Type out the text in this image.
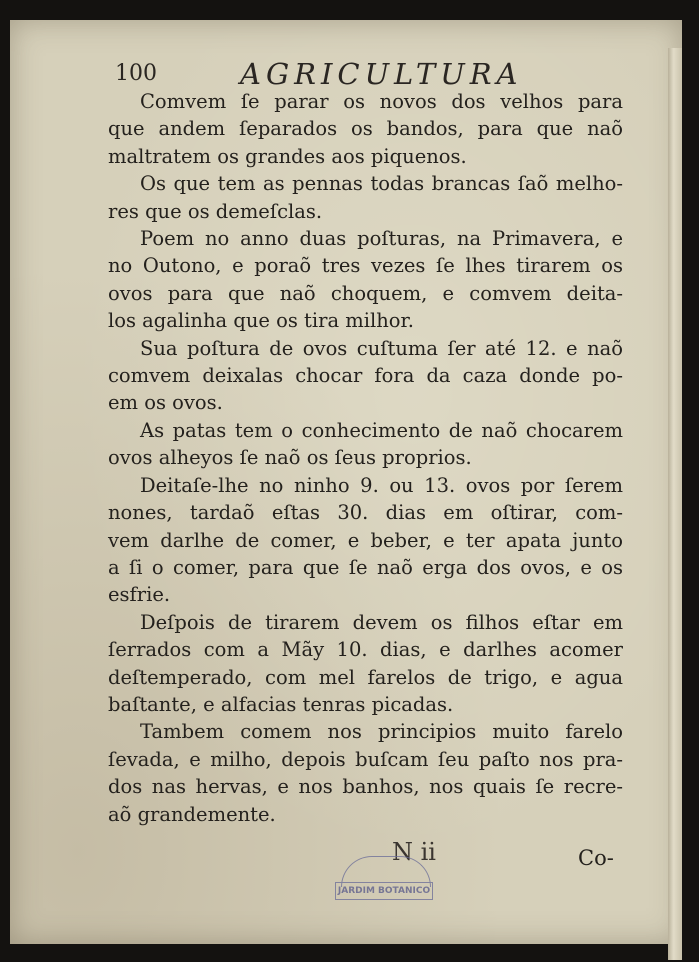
100	AGRICULTURA
Comvem ſe parar os novos dos velhos para
que andem ſeparados os bandos, para que naõ
maltratem os grandes aos piquenos.
Os que tem as pennas todas brancas ſaõ melho-
res que os demeſclas.
Poem no anno duas poſturas, na Primavera, e
no Outono, e poraõ tres vezes ſe lhes tirarem os
ovos para que naõ choquem, e comvem deita-
los agalinha que os tira milhor.
Sua poſtura de ovos cuſtuma ſer até 12. e naõ
comvem deixalas chocar fora da caza donde po-
em os ovos.
As patas tem o conhecimento de naõ chocarem
ovos alheyos ſe naõ os ſeus proprios.
Deitaſe-lhe no ninho 9. ou 13. ovos por ſerem
nones, tardaõ eſtas 30. dias em oſtirar, com-
vem darlhe de comer, e beber, e ter apata junto
a ſi o comer, para que ſe naõ erga dos ovos, e os
esfrie.
Deſpois de tirarem devem os filhos eſtar em
ſerrados com a Mãy 10. dias, e darlhes acomer
deſtemperado, com mel farelos de trigo, e agua
baſtante, e alfacias tenras picadas.
Tambem comem nos principios muito farelo
ſevada, e milho, depois buſcam ſeu paſto nos pra-
dos nas hervas, e nos banhos, nos quais ſe recre-
aõ grandemente.
N ii
JARDIM BOTANICO
Co-
